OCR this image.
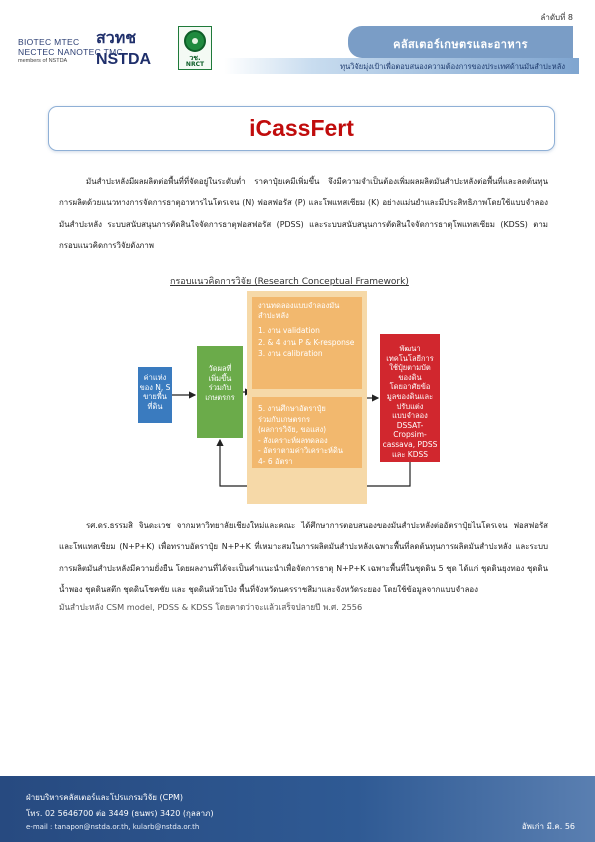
ลำดับที่ 8
สวทช NSTDA
BIOTEC MTEC
NECTEC NANOTEC TMC
members of NSTDA	วช.
NRCT
คลัสเตอร์เกษตรและอาหาร
ทุนวิจัยมุ่งเป้าเพื่อตอบสนองความต้องการของประเทศด้านมันสำปะหลัง
iCassFert

มันสำปะหลังมีผลผลิตต่อพื้นที่ที่จัดอยู่ในระดับต่ำ ราคาปุ๋ยเคมีเพิ่มขึ้น จึงมีความจำเป็นต้องเพิ่มผลผลิตมันสำปะหลังต่อพื้นที่และลดต้นทุนการผลิตด้วยแนวทางการจัดการธาตุอาหารไนโตรเจน (N) ฟอสฟอรัส (P) และโพแทสเซียม (K) อย่างแม่นยำและมีประสิทธิภาพโดยใช้แบบจำลองมันสำปะหลัง ระบบสนับสนุนการตัดสินใจจัดการธาตุฟอสฟอรัส (PDSS) และระบบสนับสนุนการตัดสินใจจัดการธาตุโพแทสเซียม (KDSS) ตามกรอบแนวคิดการวิจัยดังภาพ

กรอบแนวคิดการวิจัย (Research Conceptual Framework)
ค่าแห่ง
ของ N, S
ขายพื้น
ที่ดิน
วัดผลที่
เพิ่มขึ้น
ร่วมกับ
เกษตรกร
งานทดลองแบบจำลองมัน
สำปะหลัง
1. งาน validation
2. & 4 งาน P & K-response
3. งาน calibration
5. งานศึกษาอัตราปุ๋ย
ร่วมกับเกษตรกร
(ผลการวิจัย, ขอแสง)
- สังเคราะห์ผลทดลอง
- อัตราตามค่าวิเคราะห์ดิน
4- 6 อัตรา
พัฒนา
เทคโนโลยีการ
ใช้ปุ๋ยตามบัต
ของดิน
โดยอาศัยข้อ
มูลของดินและ
ปรับแต่ง
แบบจำลอง
DSSAT-
Cropsim-
cassava, PDSS
และ KDSS

รศ.ดร.ธรรมสิ จินดะเวช จากมหาวิทยาลัยเชียงใหม่และคณะ ได้ศึกษาการตอบสนองของมันสำปะหลังต่ออัตราปุ๋ยไนโตรเจน ฟอสฟอรัส และโพแทสเซียม (N+P+K) เพื่อทราบอัตราปุ๋ย N+P+K ที่เหมาะสมในการผลิตมันสำปะหลังเฉพาะพื้นที่ลดต้นทุนการผลิตมันสำปะหลัง และระบบการผลิตมันสำปะหลังมีความยั่งยืน โดยผลงานที่ได้จะเป็นคำแนะนำเพื่อจัดการธาตุ N+P+K เฉพาะพื้นที่ในชุดดิน 5 ชุด ได้แก่ ชุดดินยุงทอง ชุดดินน้ำพอง ชุดดินสตึก ชุดดินโชคชัย และ ชุดดินห้วยโป่ง พื้นที่จังหวัดนครราชสีมาและจังหวัดระยอง โดยใช้ข้อมูลจากแบบจำลอง

มันสำปะหลัง CSM model, PDSS & KDSS โดยคาดว่าจะแล้วเสร็จปลายปี พ.ศ. 2556
ฝ่ายบริหารคลัสเตอร์และโปรแกรมวิจัย (CPM)
โทร. 02 5646700 ต่อ 3449 (ธนพร) 3420 (กุลลาภ)
e-mail : tanapon@nstda.or.th, kularb@nstda.or.th	อัพเก่า มี.ค. 56
